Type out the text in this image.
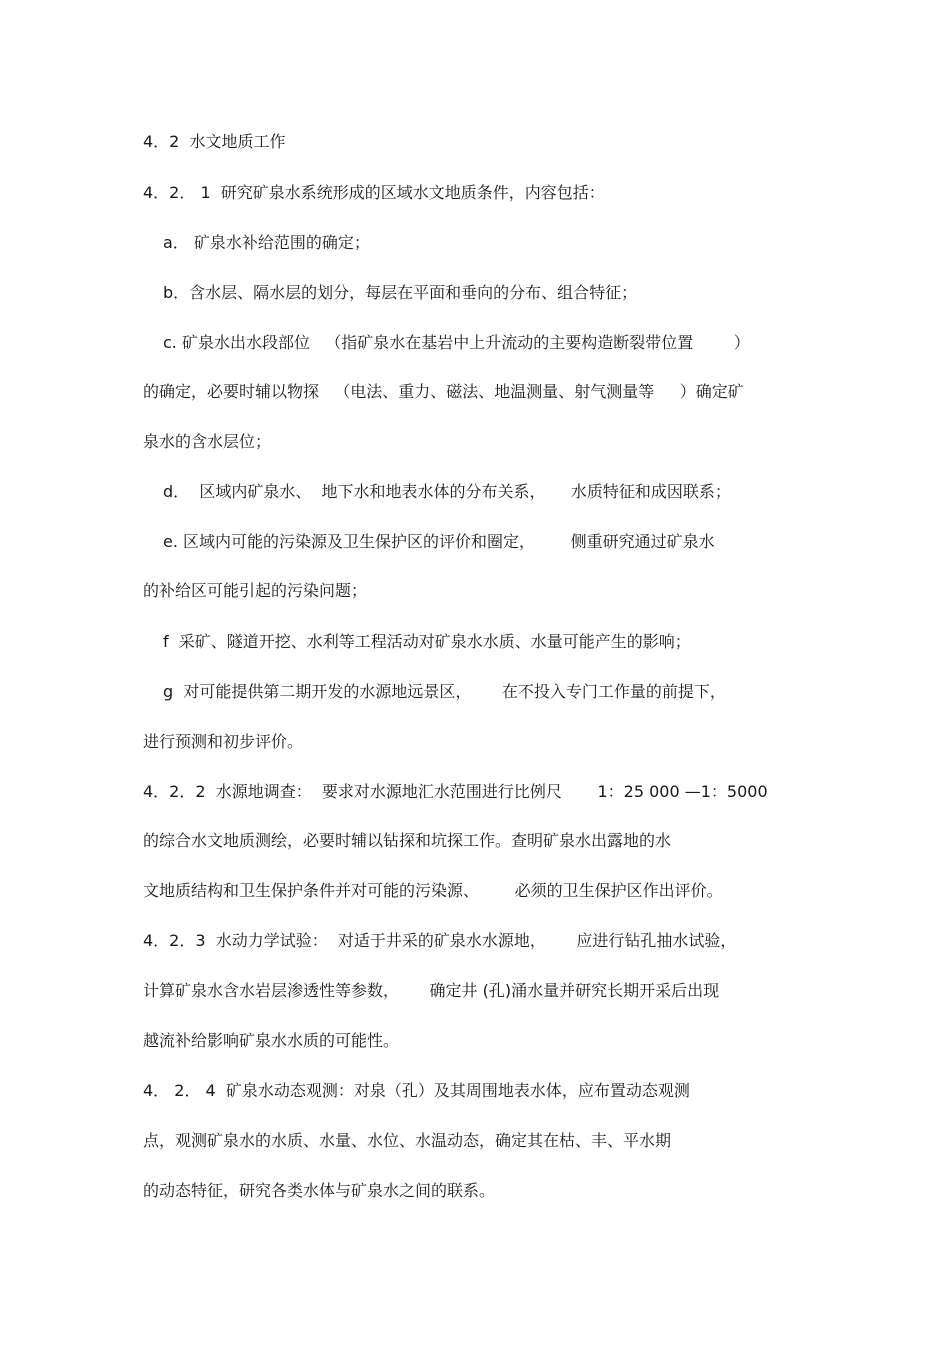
4．2  水文地质工作
4．2． 1  研究矿泉水系统形成的区域水文地质条件，内容包括：
a． 矿泉水补给范围的确定；
b．含水层、隔水层的划分，每层在平面和垂向的分布、组合特征；
c. 矿泉水出水段部位   （指矿泉水在基岩中上升流动的主要构造断裂带位置        ）
的确定，必要时辅以物探   （电法、重力、磁法、地温测量、射气测量等     ）确定矿
泉水的含水层位；
d．  区域内矿泉水、  地下水和地表水体的分布关系，     水质特征和成因联系；
e. 区域内可能的污染源及卫生保护区的评价和圈定，       侧重研究通过矿泉水
的补给区可能引起的污染问题；
f  采矿、隧道开挖、水利等工程活动对矿泉水水质、水量可能产生的影响；
g  对可能提供第二期开发的水源地远景区，      在不投入专门工作量的前提下，
进行预测和初步评价。
4．2．2  水源地调查：  要求对水源地汇水范围进行比例尺       1：25 000 —1：5000
的综合水文地质测绘，必要时辅以钻探和坑探工作。查明矿泉水出露地的水
文地质结构和卫生保护条件并对可能的污染源、       必须的卫生保护区作出评价。
4．2．3  水动力学试验：  对适于井采的矿泉水水源地，      应进行钻孔抽水试验，
计算矿泉水含水岩层渗透性等参数，      确定井 (孔)涌水量并研究长期开采后出现
越流补给影响矿泉水水质的可能性。
4． 2． 4  矿泉水动态观测：对泉（孔）及其周围地表水体，应布置动态观测
点，观测矿泉水的水质、水量、水位、水温动态，确定其在枯、丰、平水期
的动态特征，研究各类水体与矿泉水之间的联系。
